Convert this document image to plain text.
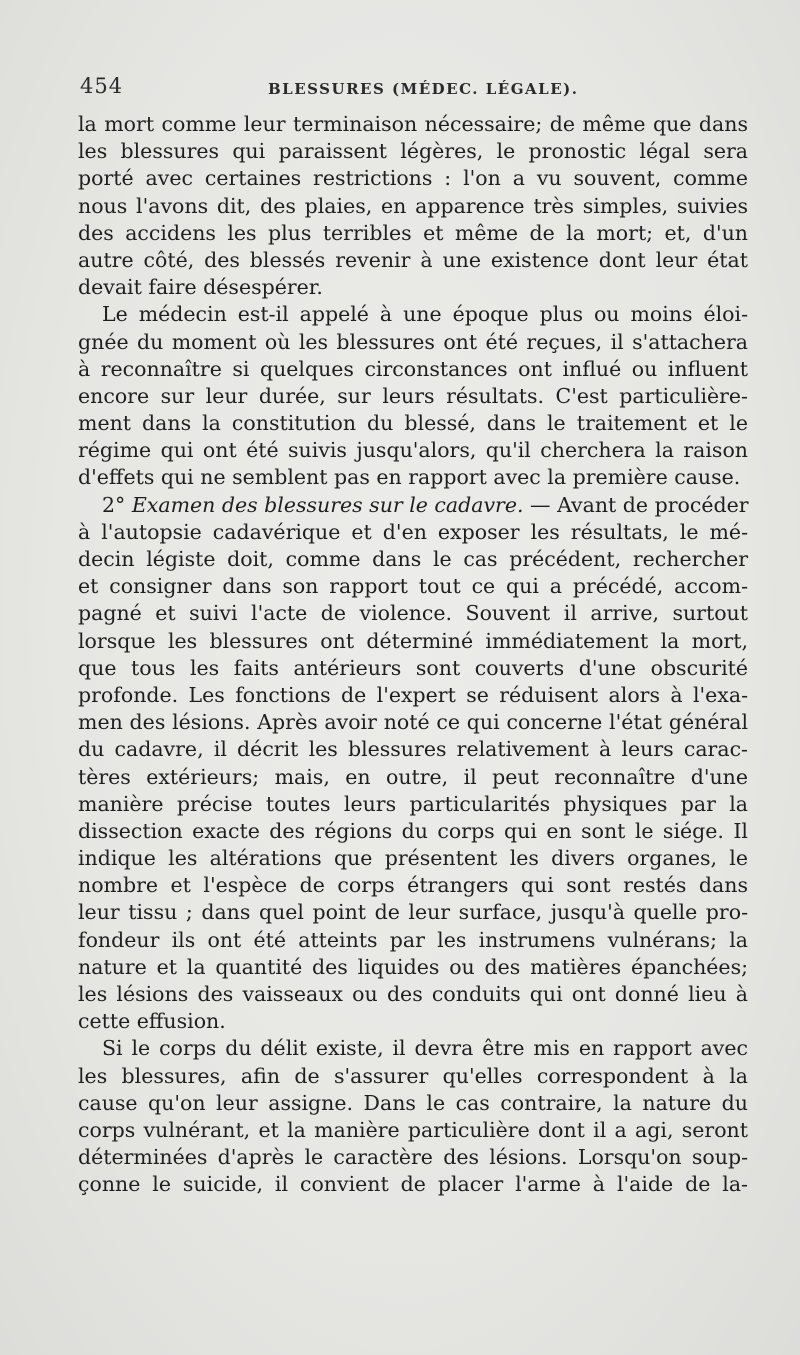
454	BLESSURES (MÉDEC. LÉGALE).
la mort comme leur terminaison nécessaire; de même que dans
les blessures qui paraissent légères, le pronostic légal sera
porté avec certaines restrictions : l'on a vu souvent, comme
nous l'avons dit, des plaies, en apparence très simples, suivies
des accidens les plus terribles et même de la mort; et, d'un
autre côté, des blessés revenir à une existence dont leur état
devait faire désespérer.
Le médecin est-il appelé à une époque plus ou moins éloi-
gnée du moment où les blessures ont été reçues, il s'attachera
à reconnaître si quelques circonstances ont influé ou influent
encore sur leur durée, sur leurs résultats. C'est particulière-
ment dans la constitution du blessé, dans le traitement et le
régime qui ont été suivis jusqu'alors, qu'il cherchera la raison
d'effets qui ne semblent pas en rapport avec la première cause.
2° Examen des blessures sur le cadavre. — Avant de procéder
à l'autopsie cadavérique et d'en exposer les résultats, le mé-
decin légiste doit, comme dans le cas précédent, rechercher
et consigner dans son rapport tout ce qui a précédé, accom-
pagné et suivi l'acte de violence. Souvent il arrive, surtout
lorsque les blessures ont déterminé immédiatement la mort,
que tous les faits antérieurs sont couverts d'une obscurité
profonde. Les fonctions de l'expert se réduisent alors à l'exa-
men des lésions. Après avoir noté ce qui concerne l'état général
du cadavre, il décrit les blessures relativement à leurs carac-
tères extérieurs; mais, en outre, il peut reconnaître d'une
manière précise toutes leurs particularités physiques par la
dissection exacte des régions du corps qui en sont le siége. Il
indique les altérations que présentent les divers organes, le
nombre et l'espèce de corps étrangers qui sont restés dans
leur tissu ; dans quel point de leur surface, jusqu'à quelle pro-
fondeur ils ont été atteints par les instrumens vulnérans; la
nature et la quantité des liquides ou des matières épanchées;
les lésions des vaisseaux ou des conduits qui ont donné lieu à
cette effusion.
Si le corps du délit existe, il devra être mis en rapport avec
les blessures, afin de s'assurer qu'elles correspondent à la
cause qu'on leur assigne. Dans le cas contraire, la nature du
corps vulnérant, et la manière particulière dont il a agi, seront
déterminées d'après le caractère des lésions. Lorsqu'on soup-
çonne le suicide, il convient de placer l'arme à l'aide de la-
